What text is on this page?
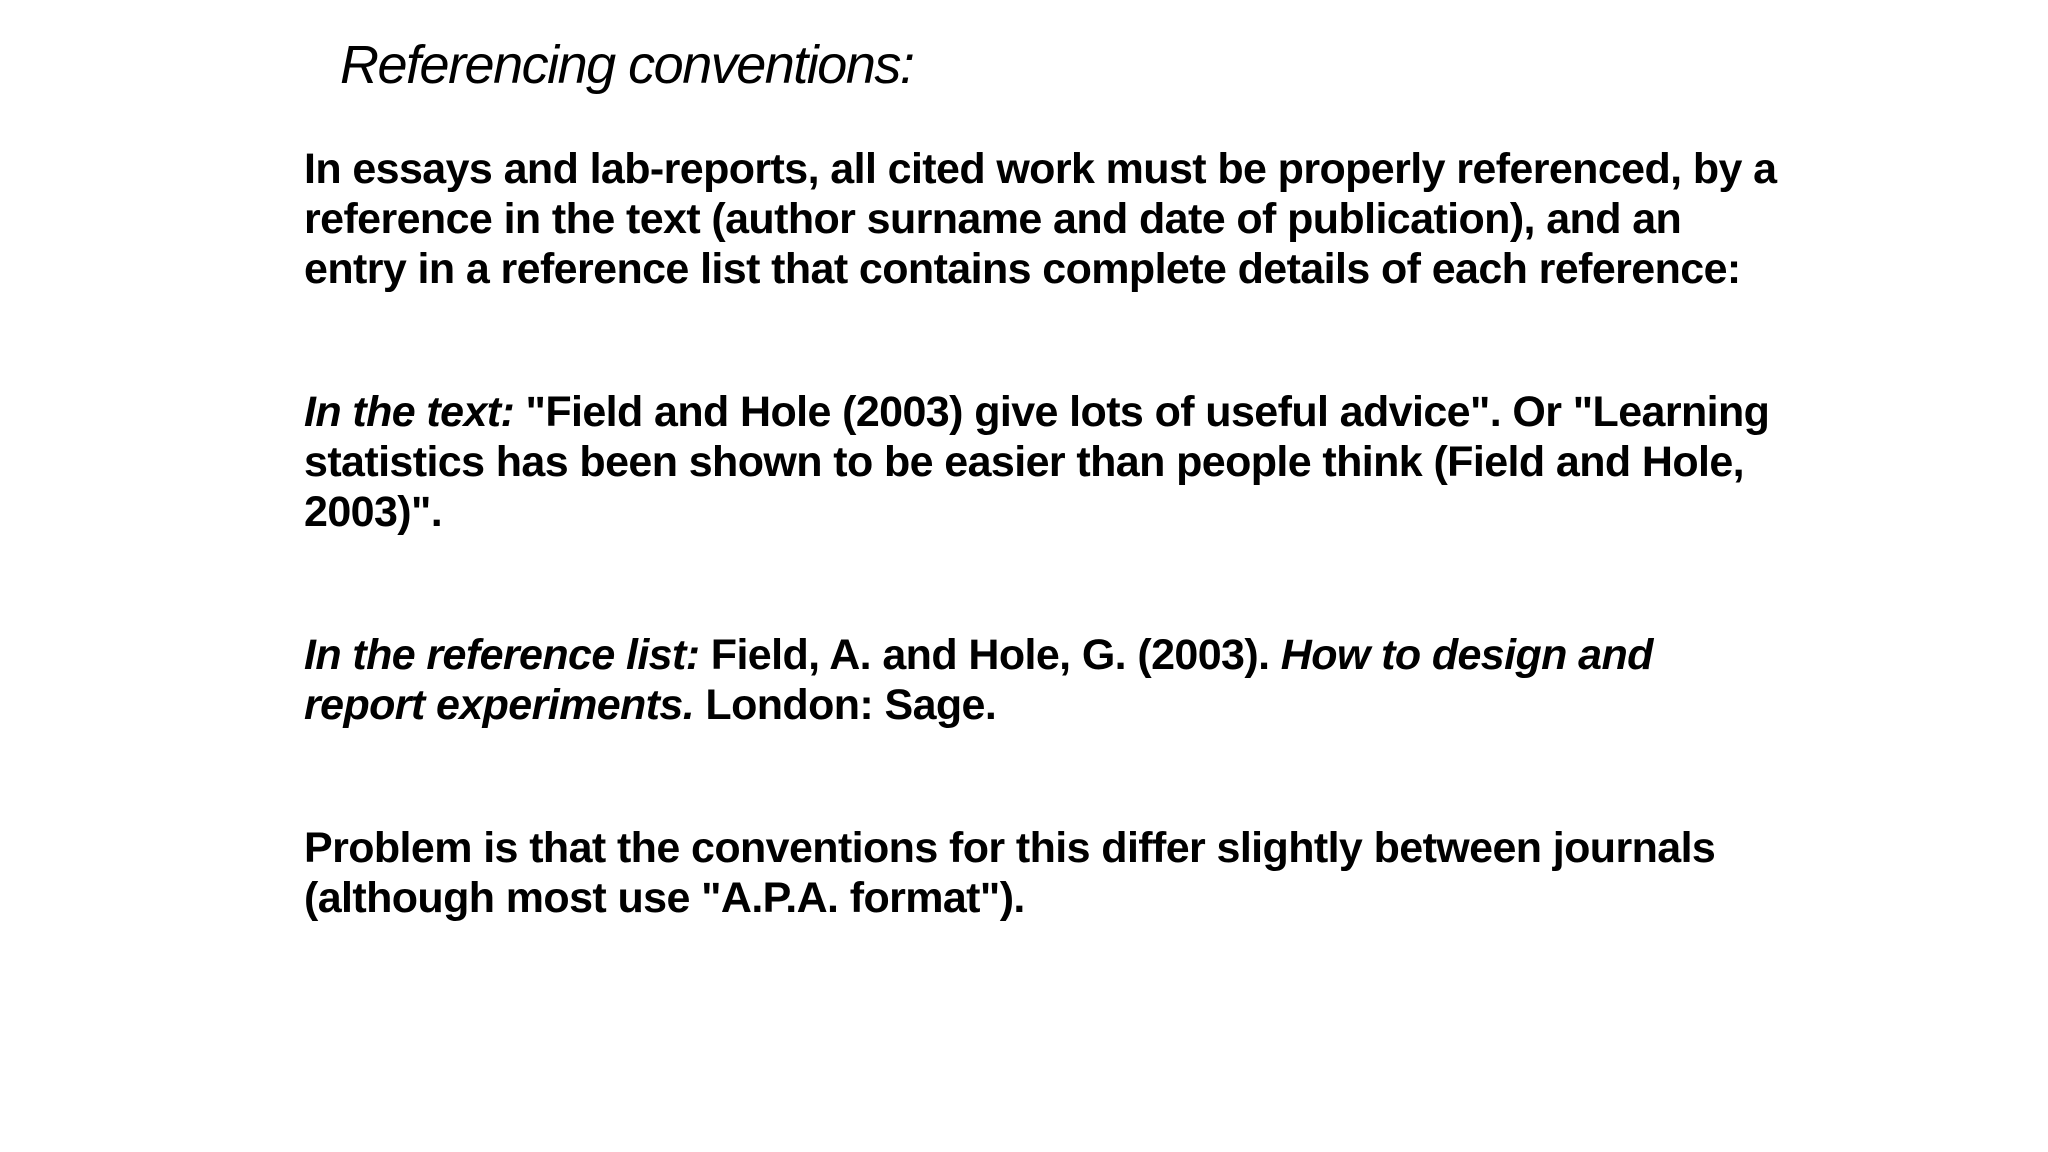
Referencing conventions:

In essays and lab-reports, all cited work must be properly referenced, by a reference in the text (author surname and date of publication), and an entry in a reference list that contains complete details of each reference:

In the text: "Field and Hole (2003) give lots of useful advice". Or "Learning statistics has been shown to be easier than people think (Field and Hole, 2003)".

In the reference list: Field, A. and Hole, G. (2003). How to design and report experiments. London: Sage.

Problem is that the conventions for this differ slightly between journals (although most use "A.P.A. format").
